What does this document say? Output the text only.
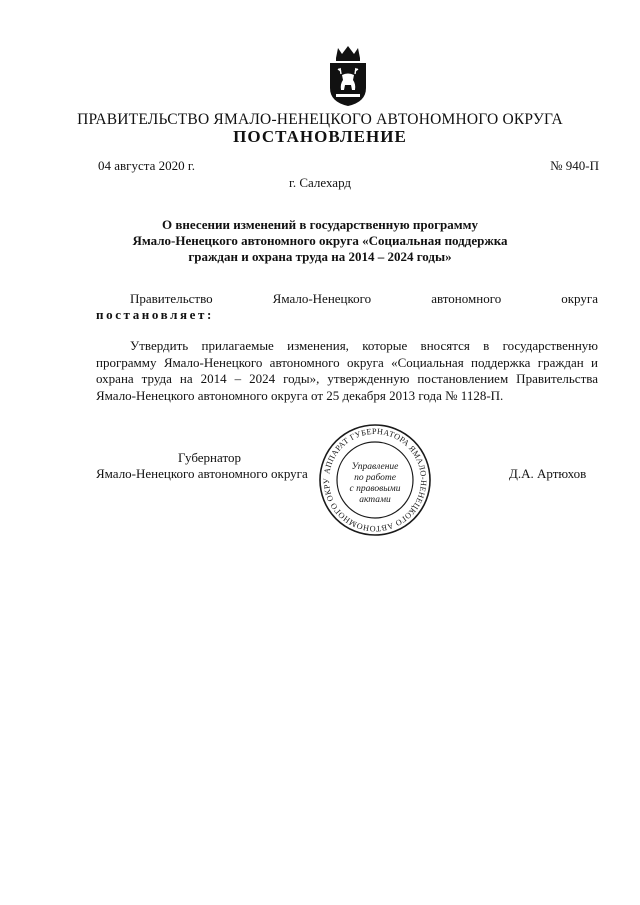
ПРАВИТЕЛЬСТВО ЯМАЛО-НЕНЕЦКОГО АВТОНОМНОГО ОКРУГА
ПОСТАНОВЛЕНИЕ
04 августа 2020 г.	№ 940-П
г. Салехард
О внесении изменений в государственную программу
Ямало-Ненецкого автономного округа «Социальная поддержка
граждан и охрана труда на 2014 – 2024 годы»
Правительство	Ямало-Ненецкого	автономного	округа
постановляет:
Утвердить прилагаемые изменения, которые вносятся в государственную программу Ямало-Ненецкого автономного округа «Социальная поддержка граждан и охрана труда на 2014 – 2024 годы», утвержденную постановлением Правительства Ямало-Ненецкого автономного округа от 25 декабря 2013 года № 1128-П.
Губернатор
Ямало-Ненецкого автономного округа	Д.А. Артюхов
АППАРАТ ГУБЕРНАТОРА ЯМАЛО-НЕНЕЦКОГО АВТОНОМНОГО ОКРУ
Управление
по работе
с правовыми
актами
